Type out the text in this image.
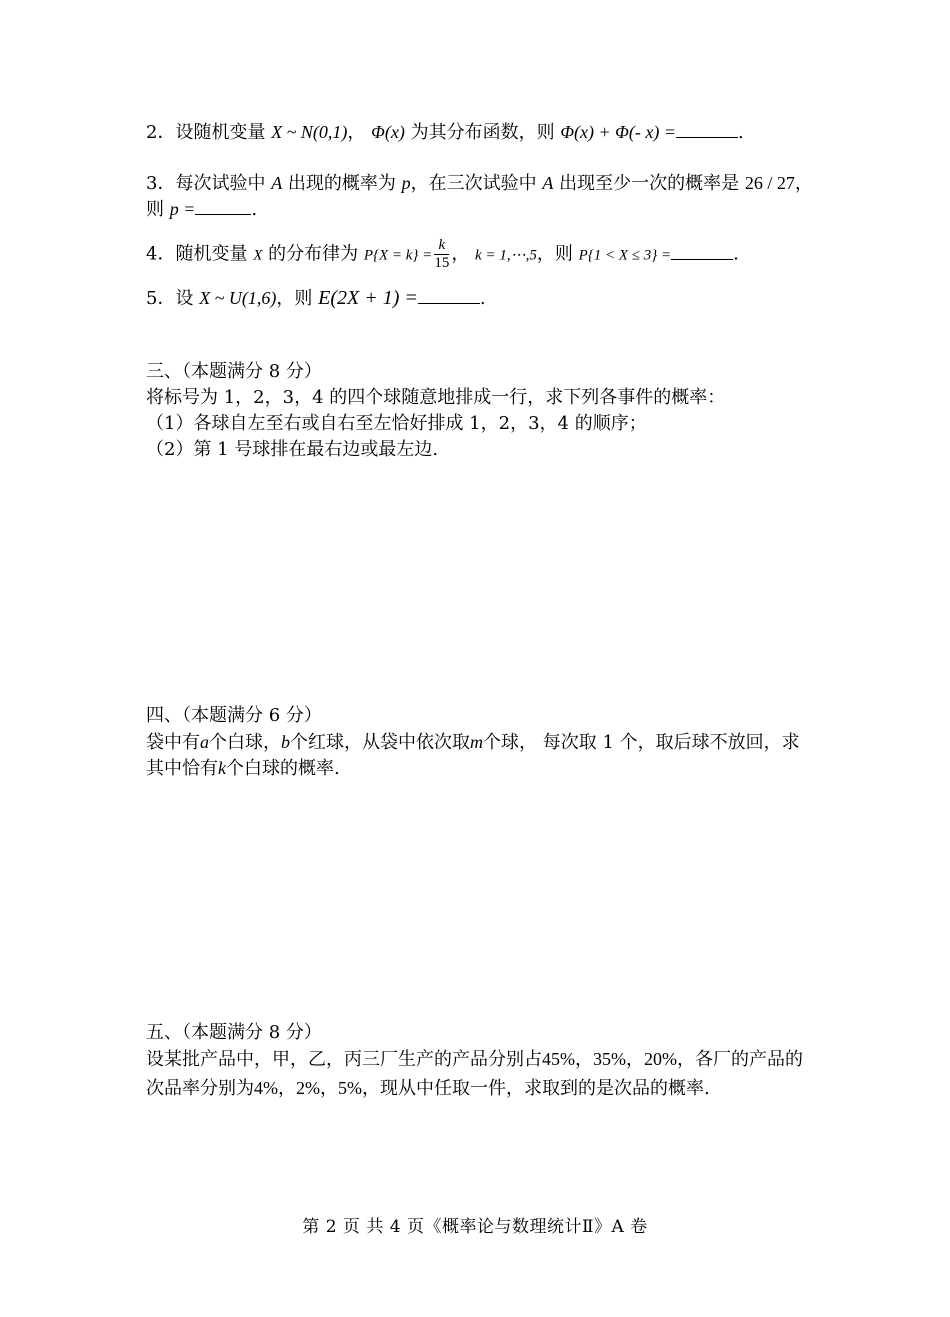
2．设随机变量 X ~ N(0,1)， Φ(x) 为其分布函数，则 Φ(x) + Φ(- x) =	.
3．每次试验中 A 出现的概率为 p，在三次试验中 A 出现至少一次的概率是 26 / 27，
则 p =	.
4．随机变量 X 的分布律为 $P\{X = k\} = \frac{k}{15}$ ， k = 1,⋯,5，则 P{1 < X ≤ 3} =	.
5．设 X ~ U(1,6)，则 E(2X + 1) =	.
三、（本题满分 8 分）
将标号为 1，2，3，4 的四个球随意地排成一行，求下列各事件的概率：
（1）各球自左至右或自右至左恰好排成 1，2，3，4 的顺序；
（2）第 1 号球排在最右边或最左边.
四、（本题满分 6 分）
袋中有a个白球，b个红球，从袋中依次取m个球， 每次取 1 个，取后球不放回，求
其中恰有k个白球的概率.
五、（本题满分 8 分）
设某批产品中，甲，乙，丙三厂生产的产品分别占45%，35%，20%，各厂的产品的
次品率分别为4%，2%，5%，现从中任取一件，求取到的是次品的概率.
第 2 页 共 4 页《概率论与数理统计Ⅱ》A 卷
